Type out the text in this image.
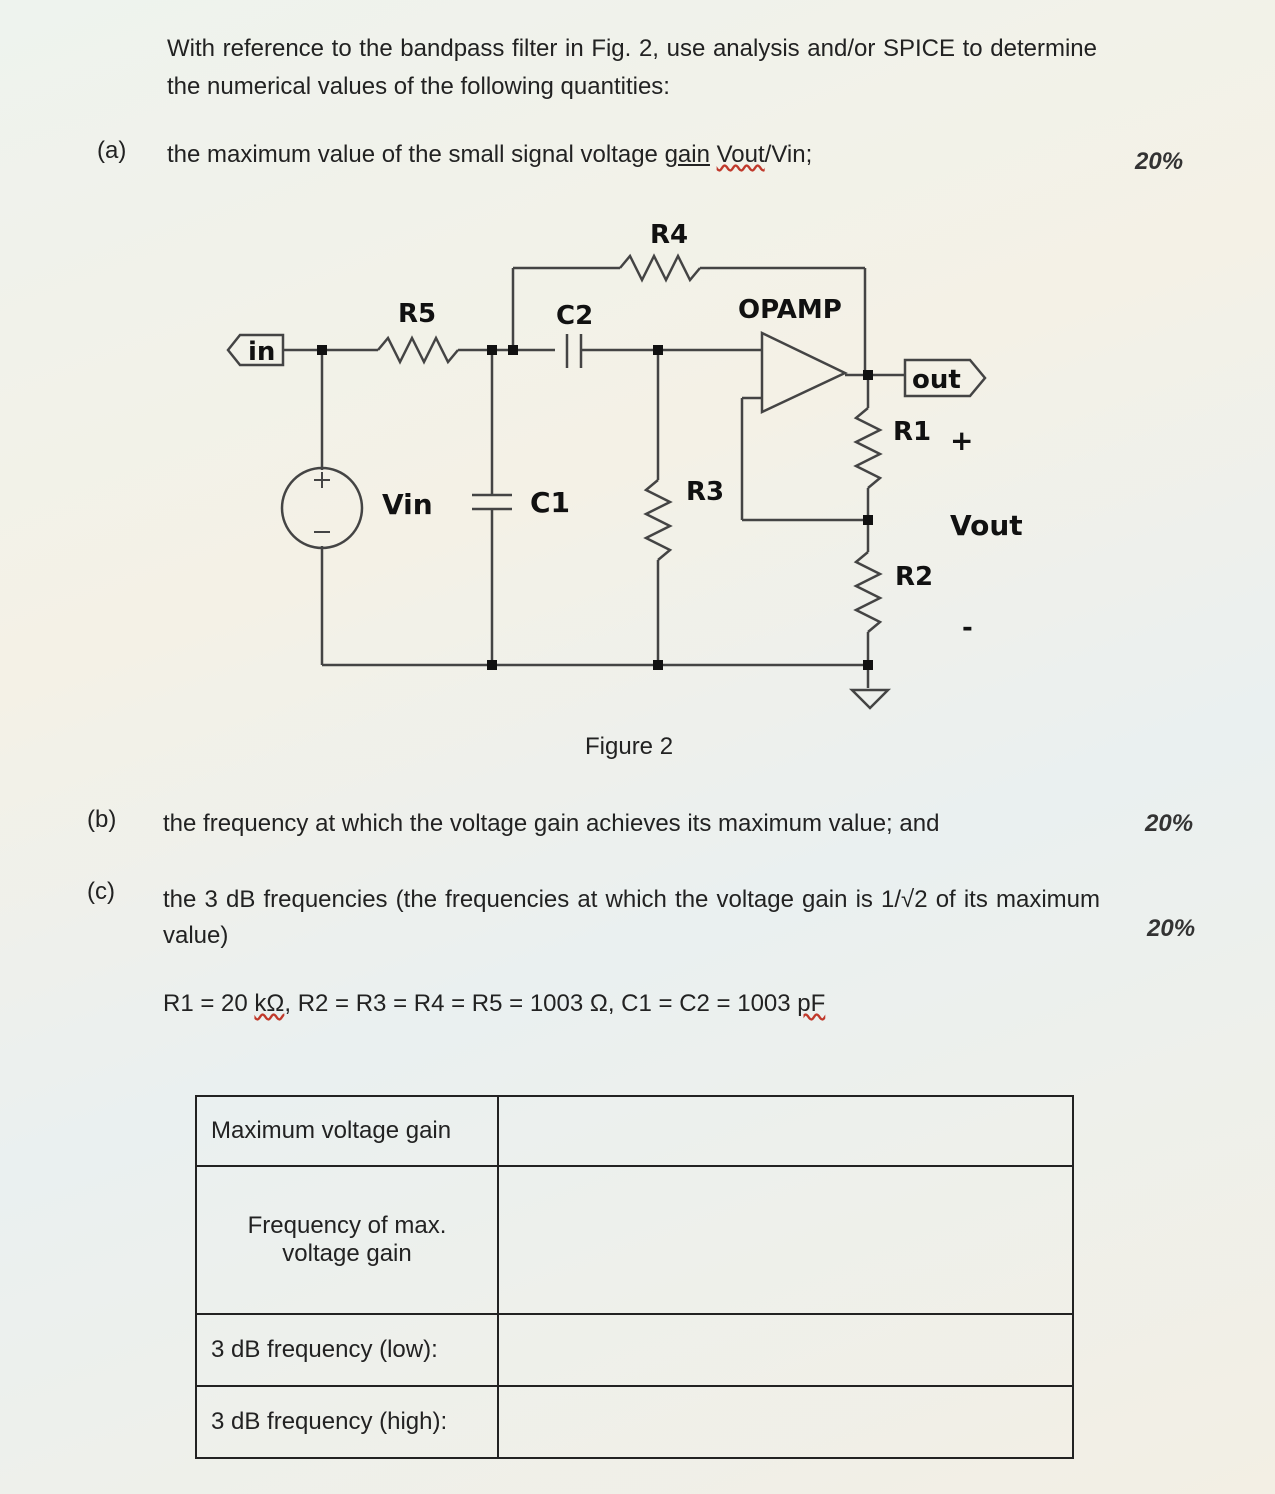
With reference to the bandpass filter in Fig. 2, use analysis and/or SPICE to determine the numerical values of the following quantities:
(a) the maximum value of the small signal voltage gain Vout/Vin;	20%
R4
R5	C2	OPAMP
in
out
R1 +
Vin	C1	R3
Vout
R2
-
Figure 2
(b) the frequency at which the voltage gain achieves its maximum value; and	20%
(c) the 3 dB frequencies (the frequencies at which the voltage gain is 1/√2 of its maximum value)	20%
R1 = 20 kΩ, R2 = R3 = R4 = R5 = 1003 Ω, C1 = C2 = 1003 pF
Maximum voltage gain	
Frequency of max. voltage gain	
3 dB frequency (low):	
3 dB frequency (high):	
